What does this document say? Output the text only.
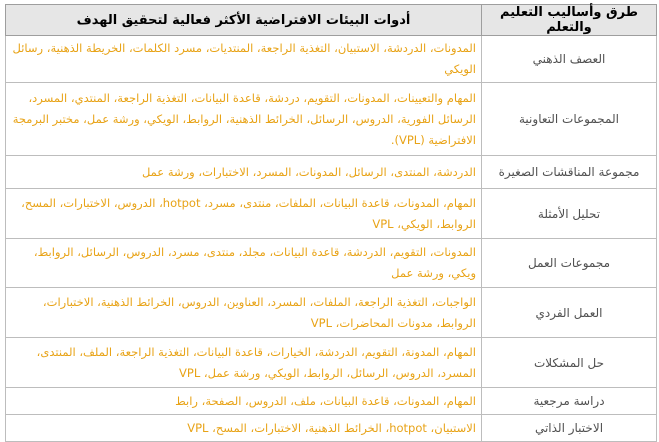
طرق وأساليب التعليم والتعلم	أدوات البيئات الافتراضية الأكثر فعالية لتحقيق الهدف
العصف الذهني	المدونات، الدردشة، الاستبيان، التغذية الراجعة، المنتديات، مسرد الكلمات، الخريطة الذهنية، رسائل الويكي
المجموعات التعاونية	المهام والتعيينات، المدونات، التقويم، دردشة، قاعدة البيانات، التغذية الراجعة، المنتدي، المسرد، الرسائل الفورية، الدروس، الرسائل، الخرائط الذهنية، الروابط، الويكي، ورشة عمل، مختبر البرمجة الافتراضية (VPL).
مجموعة المناقشات الصغيرة	الدردشة، المنتدى، الرسائل، المدونات، المسرد، الاختبارات، ورشة عمل
تحليل الأمثلة	المهام، المدونات، قاعدة البيانات، الملفات، منتدى، مسرد، hotpot، الدروس، الاختبارات، المسح، الروابط، الويكي، VPL
مجموعات العمل	المدونات، التقويم، الدردشة، قاعدة البيانات، مجلد، منتدى، مسرد، الدروس، الرسائل، الروابط، ويكي، ورشة عمل
العمل الفردي	الواجبات، التغذية الراجعة، الملفات، المسرد، العناوين، الدروس، الخرائط الذهنية، الاختبارات، الروابط، مدونات المحاضرات، VPL
حل المشكلات	المهام، المدونة، التقويم، الدردشة، الخيارات، قاعدة البيانات، التغذية الراجعة، الملف، المنتدى، المسرد، الدروس، الرسائل، الروابط، الويكي، ورشة عمل، VPL
دراسة مرجعية	المهام، المدونات، قاعدة البيانات، ملف، الدروس، الصفحة، رابط
الاختبار الذاتي	الاستبيان، hotpot، الخرائط الذهنية، الاختبارات، المسح، VPL
